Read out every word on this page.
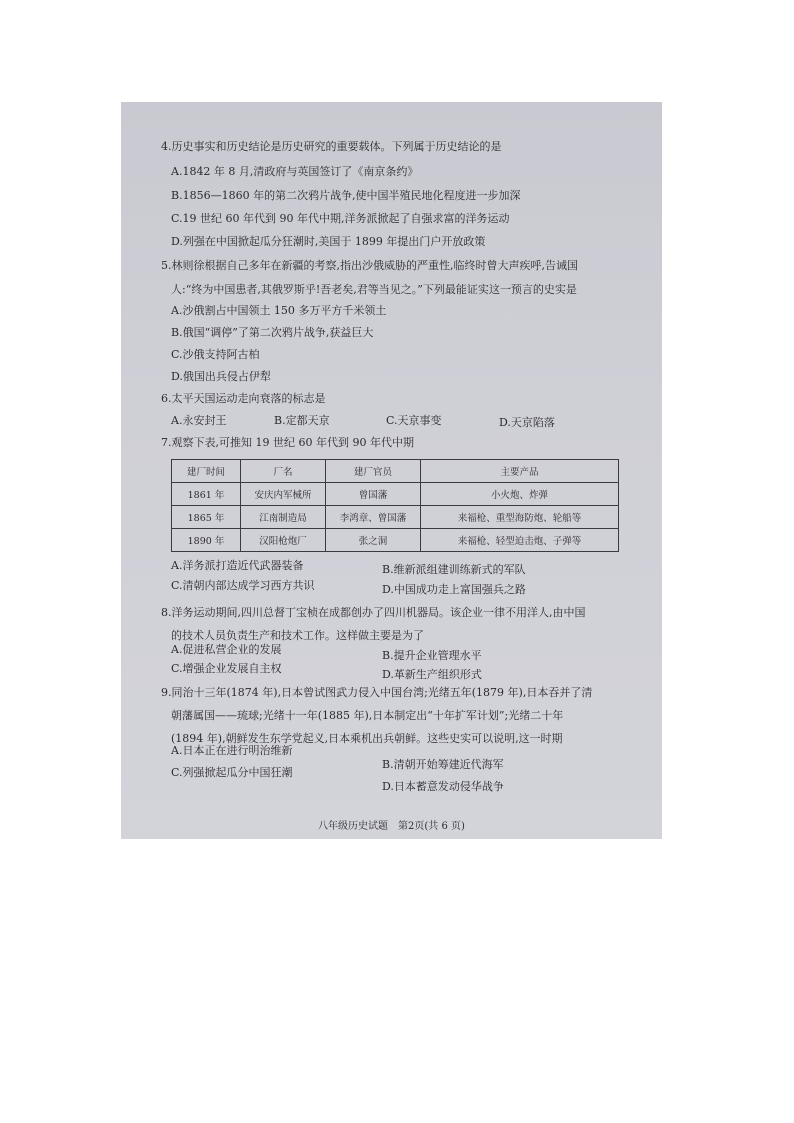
4.历史事实和历史结论是历史研究的重要载体。下列属于历史结论的是
A.1842 年 8 月,清政府与英国签订了《南京条约》
B.1856—1860 年的第二次鸦片战争,使中国半殖民地化程度进一步加深
C.19 世纪 60 年代到 90 年代中期,洋务派掀起了自强求富的洋务运动
D.列强在中国掀起瓜分狂潮时,美国于 1899 年提出门户开放政策
5.林则徐根据自己多年在新疆的考察,指出沙俄威胁的严重性,临终时曾大声疾呼,告诫国
人:“终为中国患者,其俄罗斯乎!吾老矣,君等当见之。”下列最能证实这一预言的史实是
A.沙俄割占中国领土 150 多万平方千米领土
B.俄国“调停”了第二次鸦片战争,获益巨大
C.沙俄支持阿古柏
D.俄国出兵侵占伊犁
6.太平天国运动走向衰落的标志是
A.永安封王	B.定都天京	C.天京事变	D.天京陷落
7.观察下表,可推知 19 世纪 60 年代到 90 年代中期
建厂时间	厂名	建厂官员	主要产品
1861 年	安庆内军械所	曾国藩	小火炮、炸弹
1865 年	江南制造局	李鸿章、曾国藩	来福枪、重型海防炮、轮船等
1890 年	汉阳枪炮厂	张之洞	来福枪、轻型迫击炮、子弹等
A.洋务派打造近代武器装备	B.维新派组建训练新式的军队
C.清朝内部达成学习西方共识	D.中国成功走上富国强兵之路
8.洋务运动期间,四川总督丁宝桢在成都创办了四川机器局。该企业一律不用洋人,由中国
的技术人员负责生产和技术工作。这样做主要是为了
A.促进私营企业的发展	B.提升企业管理水平
C.增强企业发展自主权	D.革新生产组织形式
9.同治十三年(1874 年),日本曾试图武力侵入中国台湾;光绪五年(1879 年),日本吞并了清
朝藩属国——琉球;光绪十一年(1885 年),日本制定出“十年扩军计划”;光绪二十年
(1894 年),朝鲜发生东学党起义,日本乘机出兵朝鲜。这些史实可以说明,这一时期
A.日本正在进行明治维新
B.清朝开始筹建近代海军
C.列强掀起瓜分中国狂潮
D.日本蓄意发动侵华战争
八年级历史试题　第2页(共 6 页)
